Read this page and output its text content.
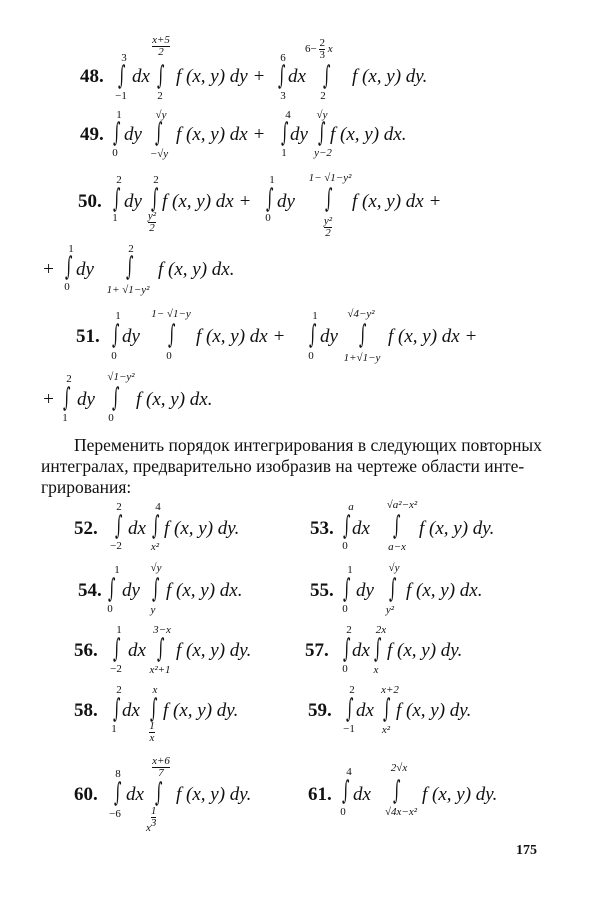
48.
3
∫
−1
dx
$\frac{x+5}{2}$
∫
2
f (x, y) dy +
6
∫
3
dx
$6- \frac{2}{3}$ x
∫
2
f (x, y) dy.
49.
1
∫
0
dy
√y
∫
−√y
f (x, y) dx +
4
∫
1
dy
√y
∫
y−2
f (x, y) dx.
50.
2
∫
1
dy
2
∫
$\frac{\text{y²}}{2}$
f (x, y) dx +
1
∫
0
dy
1− √1−y²
∫
$\frac{\text{y²}}{2}$
f (x, y) dx +
+
1
∫
0
dy
2
∫
1+ √1−y²
f (x, y) dx.
51.
1
∫
0
dy
1− √1−y
∫
0
f (x, y) dx +
1
∫
0
dy
√4−y²
∫
1+√1−y
f (x, y) dx +
+
2
∫
1
dy
√1−y²
∫
0
f (x, y) dx.
Переменить порядок интегрирования в следующих повторных
интегралах, предварительно изобразив на чертеже области инте-
грирования:
52.
2
∫
−2
dx
4
∫
x²
f (x, y) dy.	53.
a
∫
0
dx
√a²−x²
∫
a−x
f (x, y) dy.
54.
1
∫
0
dy
√y
∫
y
f (x, y) dx.	55.
1
∫
0
dy
√y
∫
y²
f (x, y) dx.
56.
1
∫
−2
dx
3−x
∫
x²+1
f (x, y) dy.	57.
2
∫
0
dx
2x
∫
x
f (x, y) dy.
58.
2
∫
1
dx
x
∫
$\frac{1}{x}$
f (x, y) dy.	59.
2
∫
−1
dx
x+2
∫
x²
f (x, y) dy.
60.
8
∫
−6
dx
$\frac{x+6}{7}$
∫
x $\frac{1}{3}$
f (x, y) dy.	61.
4
∫
0
dx
2√x
∫
√4x−x²
f (x, y) dy.
175
